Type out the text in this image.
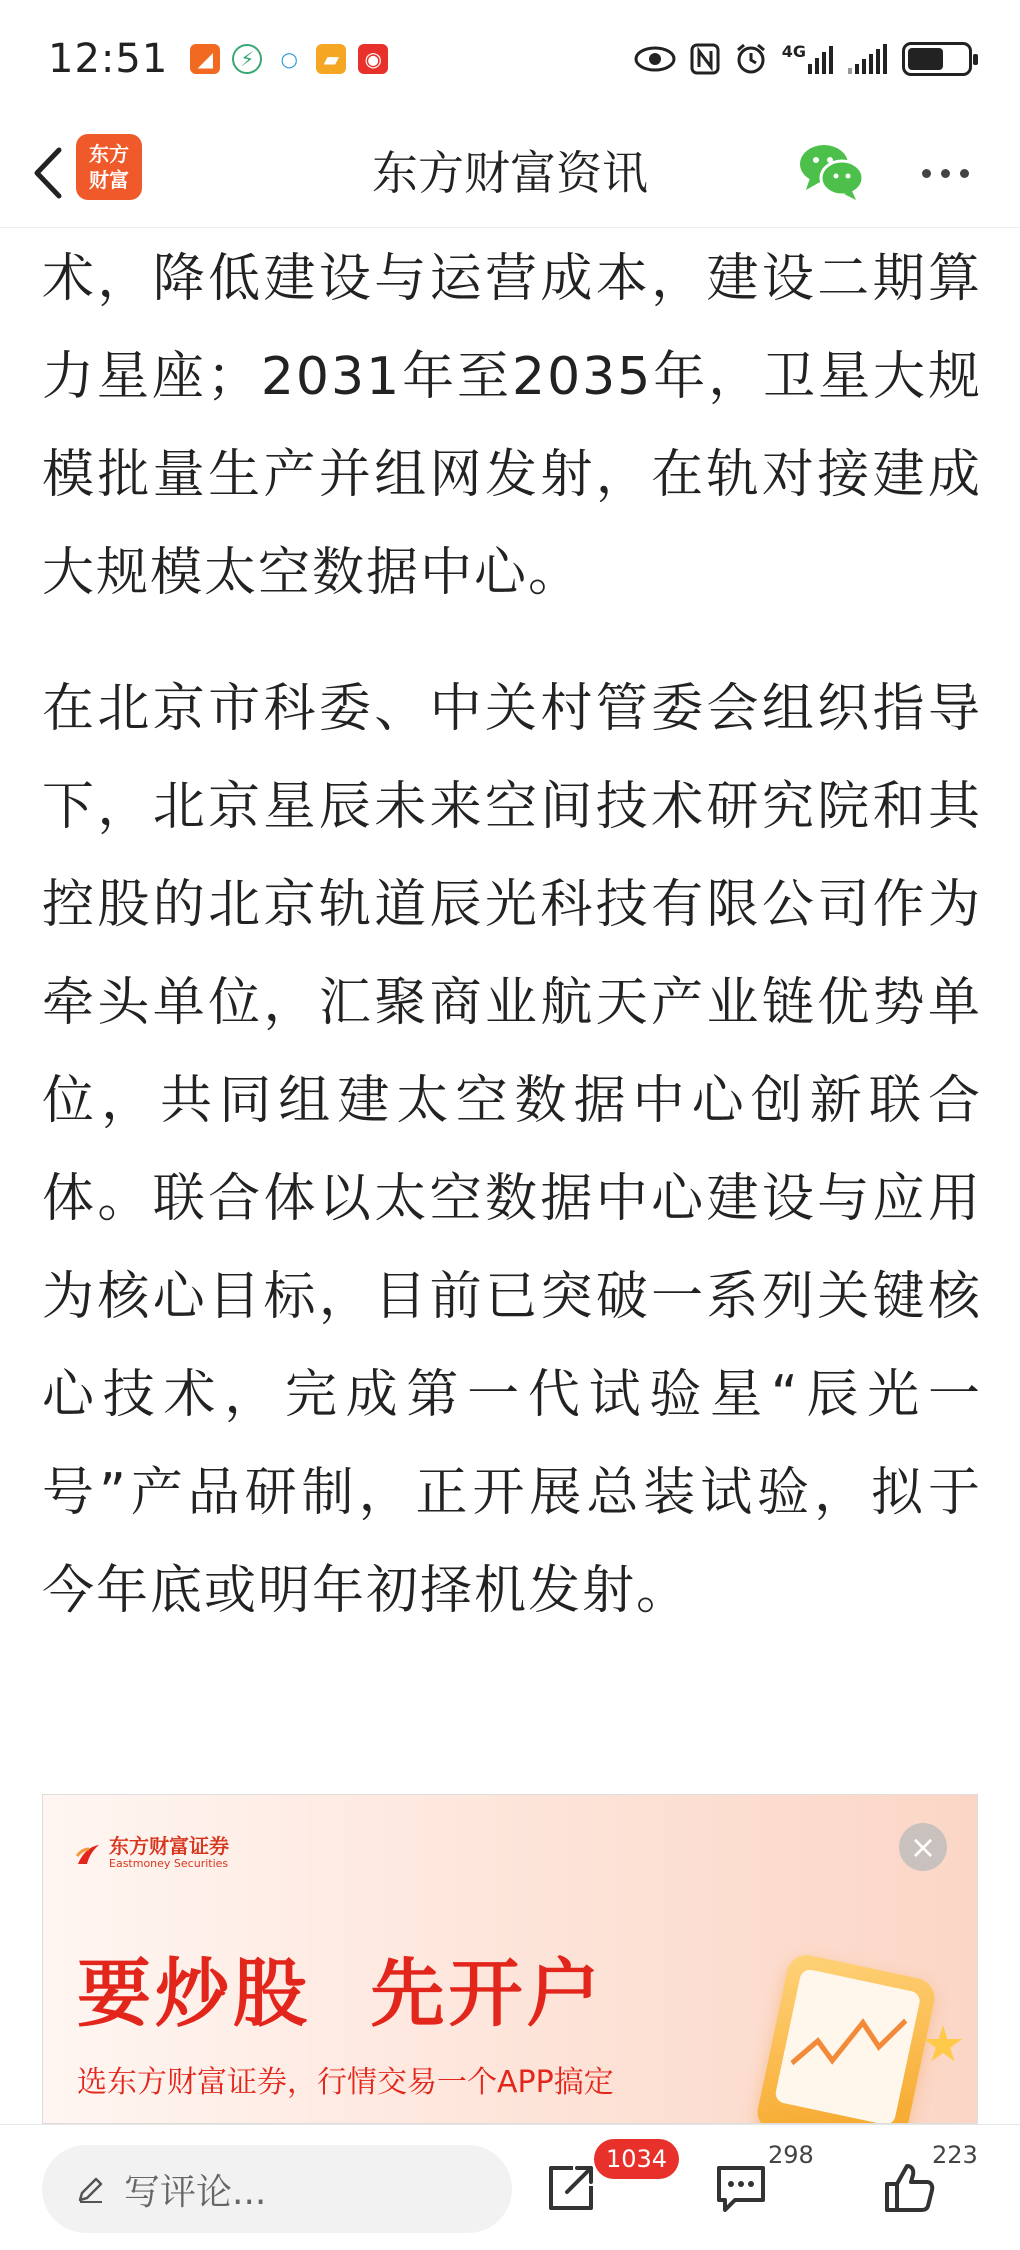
12:51	◢	⚡	○	▰	◉	4G
东方财富资讯
东方
财富

术，降低建设与运营成本，建设二期算力星座；2031年至2035年，卫星大规模批量生产并组网发射，在轨对接建成大规模太空数据中心。

在北京市科委、中关村管委会组织指导下，北京星辰未来空间技术研究院和其控股的北京轨道辰光科技有限公司作为牵头单位，汇聚商业航天产业链优势单位，共同组建太空数据中心创新联合体。联合体以太空数据中心建设与应用为核心目标，目前已突破一系列关键核心技术，完成第一代试验星“辰光一号”产品研制，正开展总装试验，拟于今年底或明年初择机发射。

东方财富证券
Eastmoney Securities	×
要炒股  先开户
选东方财富证券，行情交易一个APP搞定
写评论...
1034	298	223
